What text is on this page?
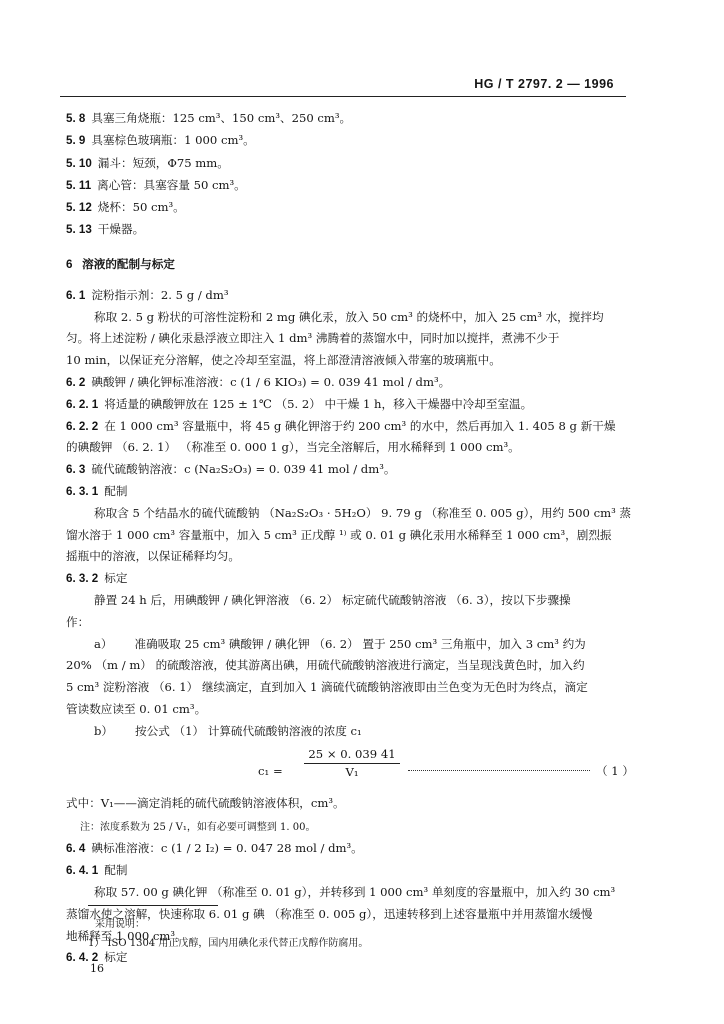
HG / T 2797. 2 — 1996
5. 8 具塞三角烧瓶：125 cm³、150 cm³、250 cm³。
5. 9 具塞棕色玻璃瓶：1 000 cm³。
5. 10 漏斗：短颈，Φ75 mm。
5. 11 离心管：具塞容量 50 cm³。
5. 12 烧杯：50 cm³。
5. 13 干燥器。
6 溶液的配制与标定
6. 1 淀粉指示剂：2. 5 g / dm³
称取 2. 5 g 粉状的可溶性淀粉和 2 mg 碘化汞，放入 50 cm³ 的烧杯中，加入 25 cm³ 水，搅拌均
匀。将上述淀粉 / 碘化汞悬浮液立即注入 1 dm³ 沸腾着的蒸馏水中，同时加以搅拌，煮沸不少于
10 min，以保证充分溶解，使之冷却至室温，将上部澄清溶液倾入带塞的玻璃瓶中。
6. 2 碘酸钾 / 碘化钾标准溶液：c (1 / 6 KIO₃) = 0. 039 41 mol / dm³。
6. 2. 1 将适量的碘酸钾放在 125 ± 1℃ （5. 2） 中干燥 1 h，移入干燥器中冷却至室温。
6. 2. 2 在 1 000 cm³ 容量瓶中，将 45 g 碘化钾溶于约 200 cm³ 的水中，然后再加入 1. 405 8 g 新干燥
的碘酸钾 （6. 2. 1） （称准至 0. 000 1 g），当完全溶解后，用水稀释到 1 000 cm³。
6. 3 硫代硫酸钠溶液：c (Na₂S₂O₃) = 0. 039 41 mol / dm³。
6. 3. 1 配制
称取含 5 个结晶水的硫代硫酸钠 （Na₂S₂O₃ · 5H₂O） 9. 79 g （称准至 0. 005 g），用约 500 cm³ 蒸
馏水溶于 1 000 cm³ 容量瓶中，加入 5 cm³ 正戊醇 ¹⁾ 或 0. 01 g 碘化汞用水稀释至 1 000 cm³，剧烈振
摇瓶中的溶液，以保证稀释均匀。
6. 3. 2 标定
静置 24 h 后，用碘酸钾 / 碘化钾溶液 （6. 2） 标定硫代硫酸钠溶液 （6. 3），按以下步骤操
作：
a） 准确吸取 25 cm³ 碘酸钾 / 碘化钾 （6. 2） 置于 250 cm³ 三角瓶中，加入 3 cm³ 约为
20% （m / m） 的硫酸溶液，使其游离出碘，用硫代硫酸钠溶液进行滴定，当呈现浅黄色时，加入约
5 cm³ 淀粉溶液 （6. 1） 继续滴定，直到加入 1 滴硫代硫酸钠溶液即由兰色变为无色时为终点，滴定
管读数应读至 0. 01 cm³。
b） 按公式 （1） 计算硫代硫酸钠溶液的浓度 c₁
c₁ =
25 × 0. 039 41
V₁	（ 1 ）
式中：V₁——滴定消耗的硫代硫酸钠溶液体积，cm³。
注：浓度系数为 25 / V₁，如有必要可调整到 1. 00。
6. 4 碘标准溶液：c (1 / 2 I₂) = 0. 047 28 mol / dm³。
6. 4. 1 配制
称取 57. 00 g 碘化钾 （称准至 0. 01 g），并转移到 1 000 cm³ 单刻度的容量瓶中，加入约 30 cm³
蒸馏水使之溶解，快速称取 6. 01 g 碘 （称准至 0. 005 g），迅速转移到上述容量瓶中并用蒸馏水缓慢
地稀释至 1 000 cm³。
6. 4. 2 标定
采用说明：
1） ISO 1304 用正戊醇，国内用碘化汞代替正戊醇作防腐用。
16
